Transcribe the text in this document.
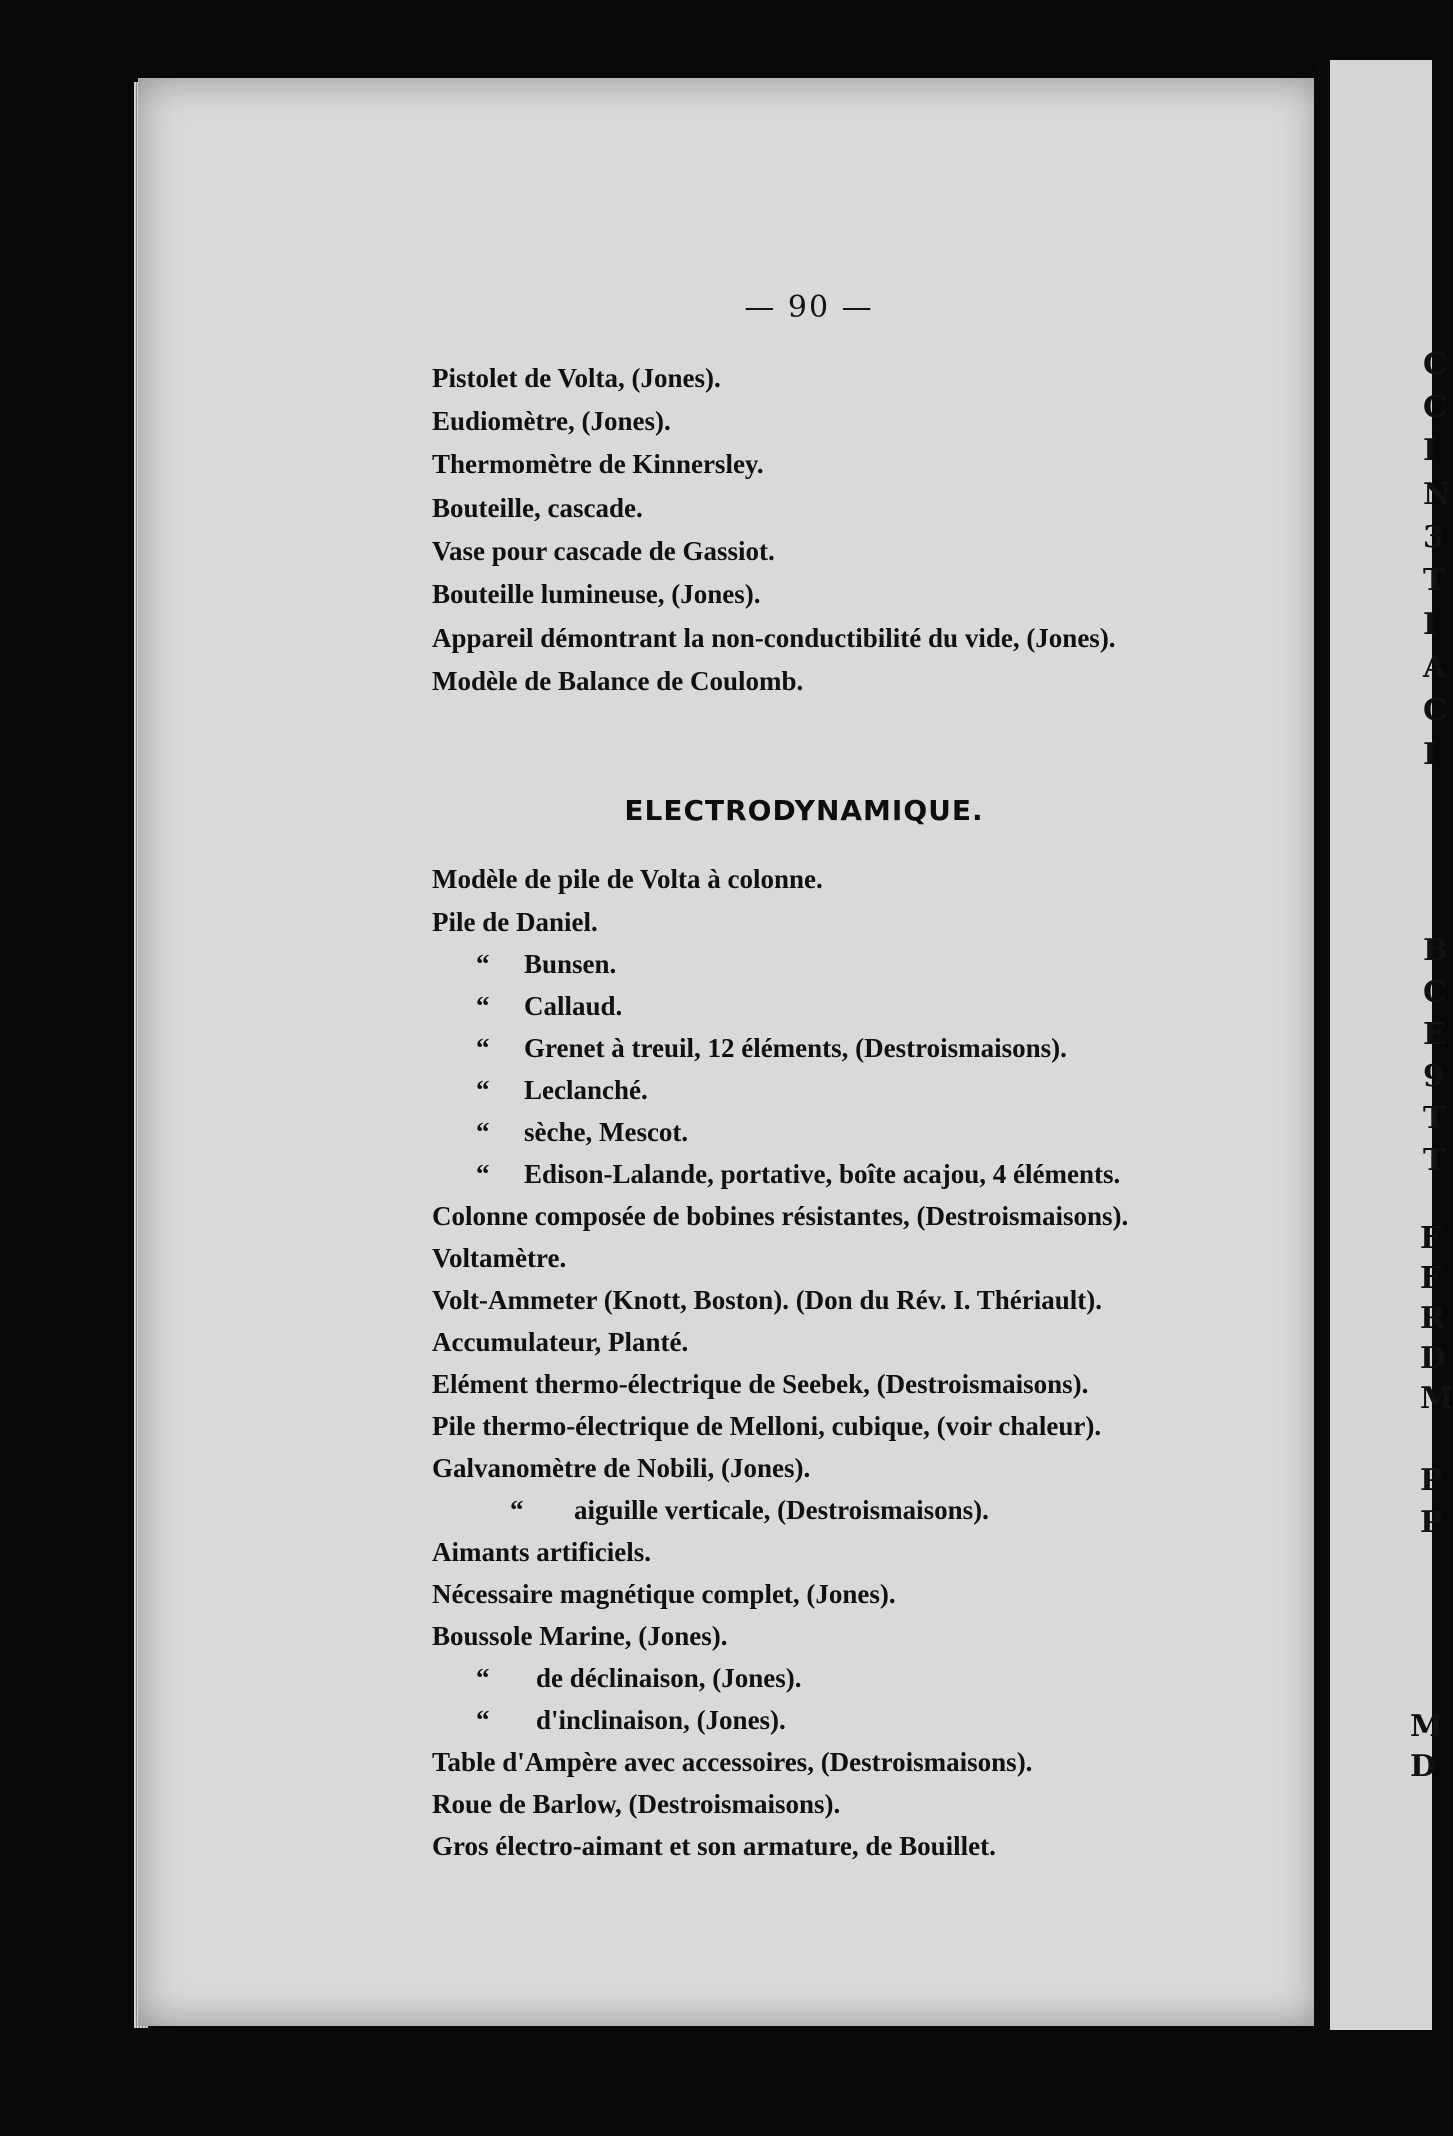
— 90 —
Pistolet de Volta, (Jones).
Eudiomètre, (Jones).
Thermomètre de Kinnersley.
Bouteille, cascade.
Vase pour cascade de Gassiot.
Bouteille lumineuse, (Jones).
Appareil démontrant la non-conductibilité du vide, (Jones).
Modèle de Balance de Coulomb.
ELECTRODYNAMIQUE.
Modèle de pile de Volta à colonne.
Pile de Daniel.
“ Bunsen.
“ Callaud.
“ Grenet à treuil, 12 éléments, (Destroismaisons).
“ Leclanché.
“ sèche, Mescot.
“ Edison-Lalande, portative, boîte acajou, 4 éléments.
Colonne composée de bobines résistantes, (Destroismaisons).
Voltamètre.
Volt-Ammeter (Knott, Boston). (Don du Rév. I. Thériault).
Accumulateur, Planté.
Elément thermo-électrique de Seebek, (Destroismaisons).
Pile thermo-électrique de Melloni, cubique, (voir chaleur).
Galvanomètre de Nobili, (Jones).
“ aiguille verticale, (Destroismaisons).
Aimants artificiels.
Nécessaire magnétique complet, (Jones).
Boussole Marine, (Jones).
“ de déclinaison, (Jones).
“ d'inclinaison, (Jones).
Table d'Ampère avec accessoires, (Destroismaisons).
Roue de Barlow, (Destroismaisons).
Gros électro-aimant et son armature, de Bouillet.
C
C
I
N
3
T
I
A
C
I
B
C
E
9
T
T
F
F
R
D
M
P
P
M
D
